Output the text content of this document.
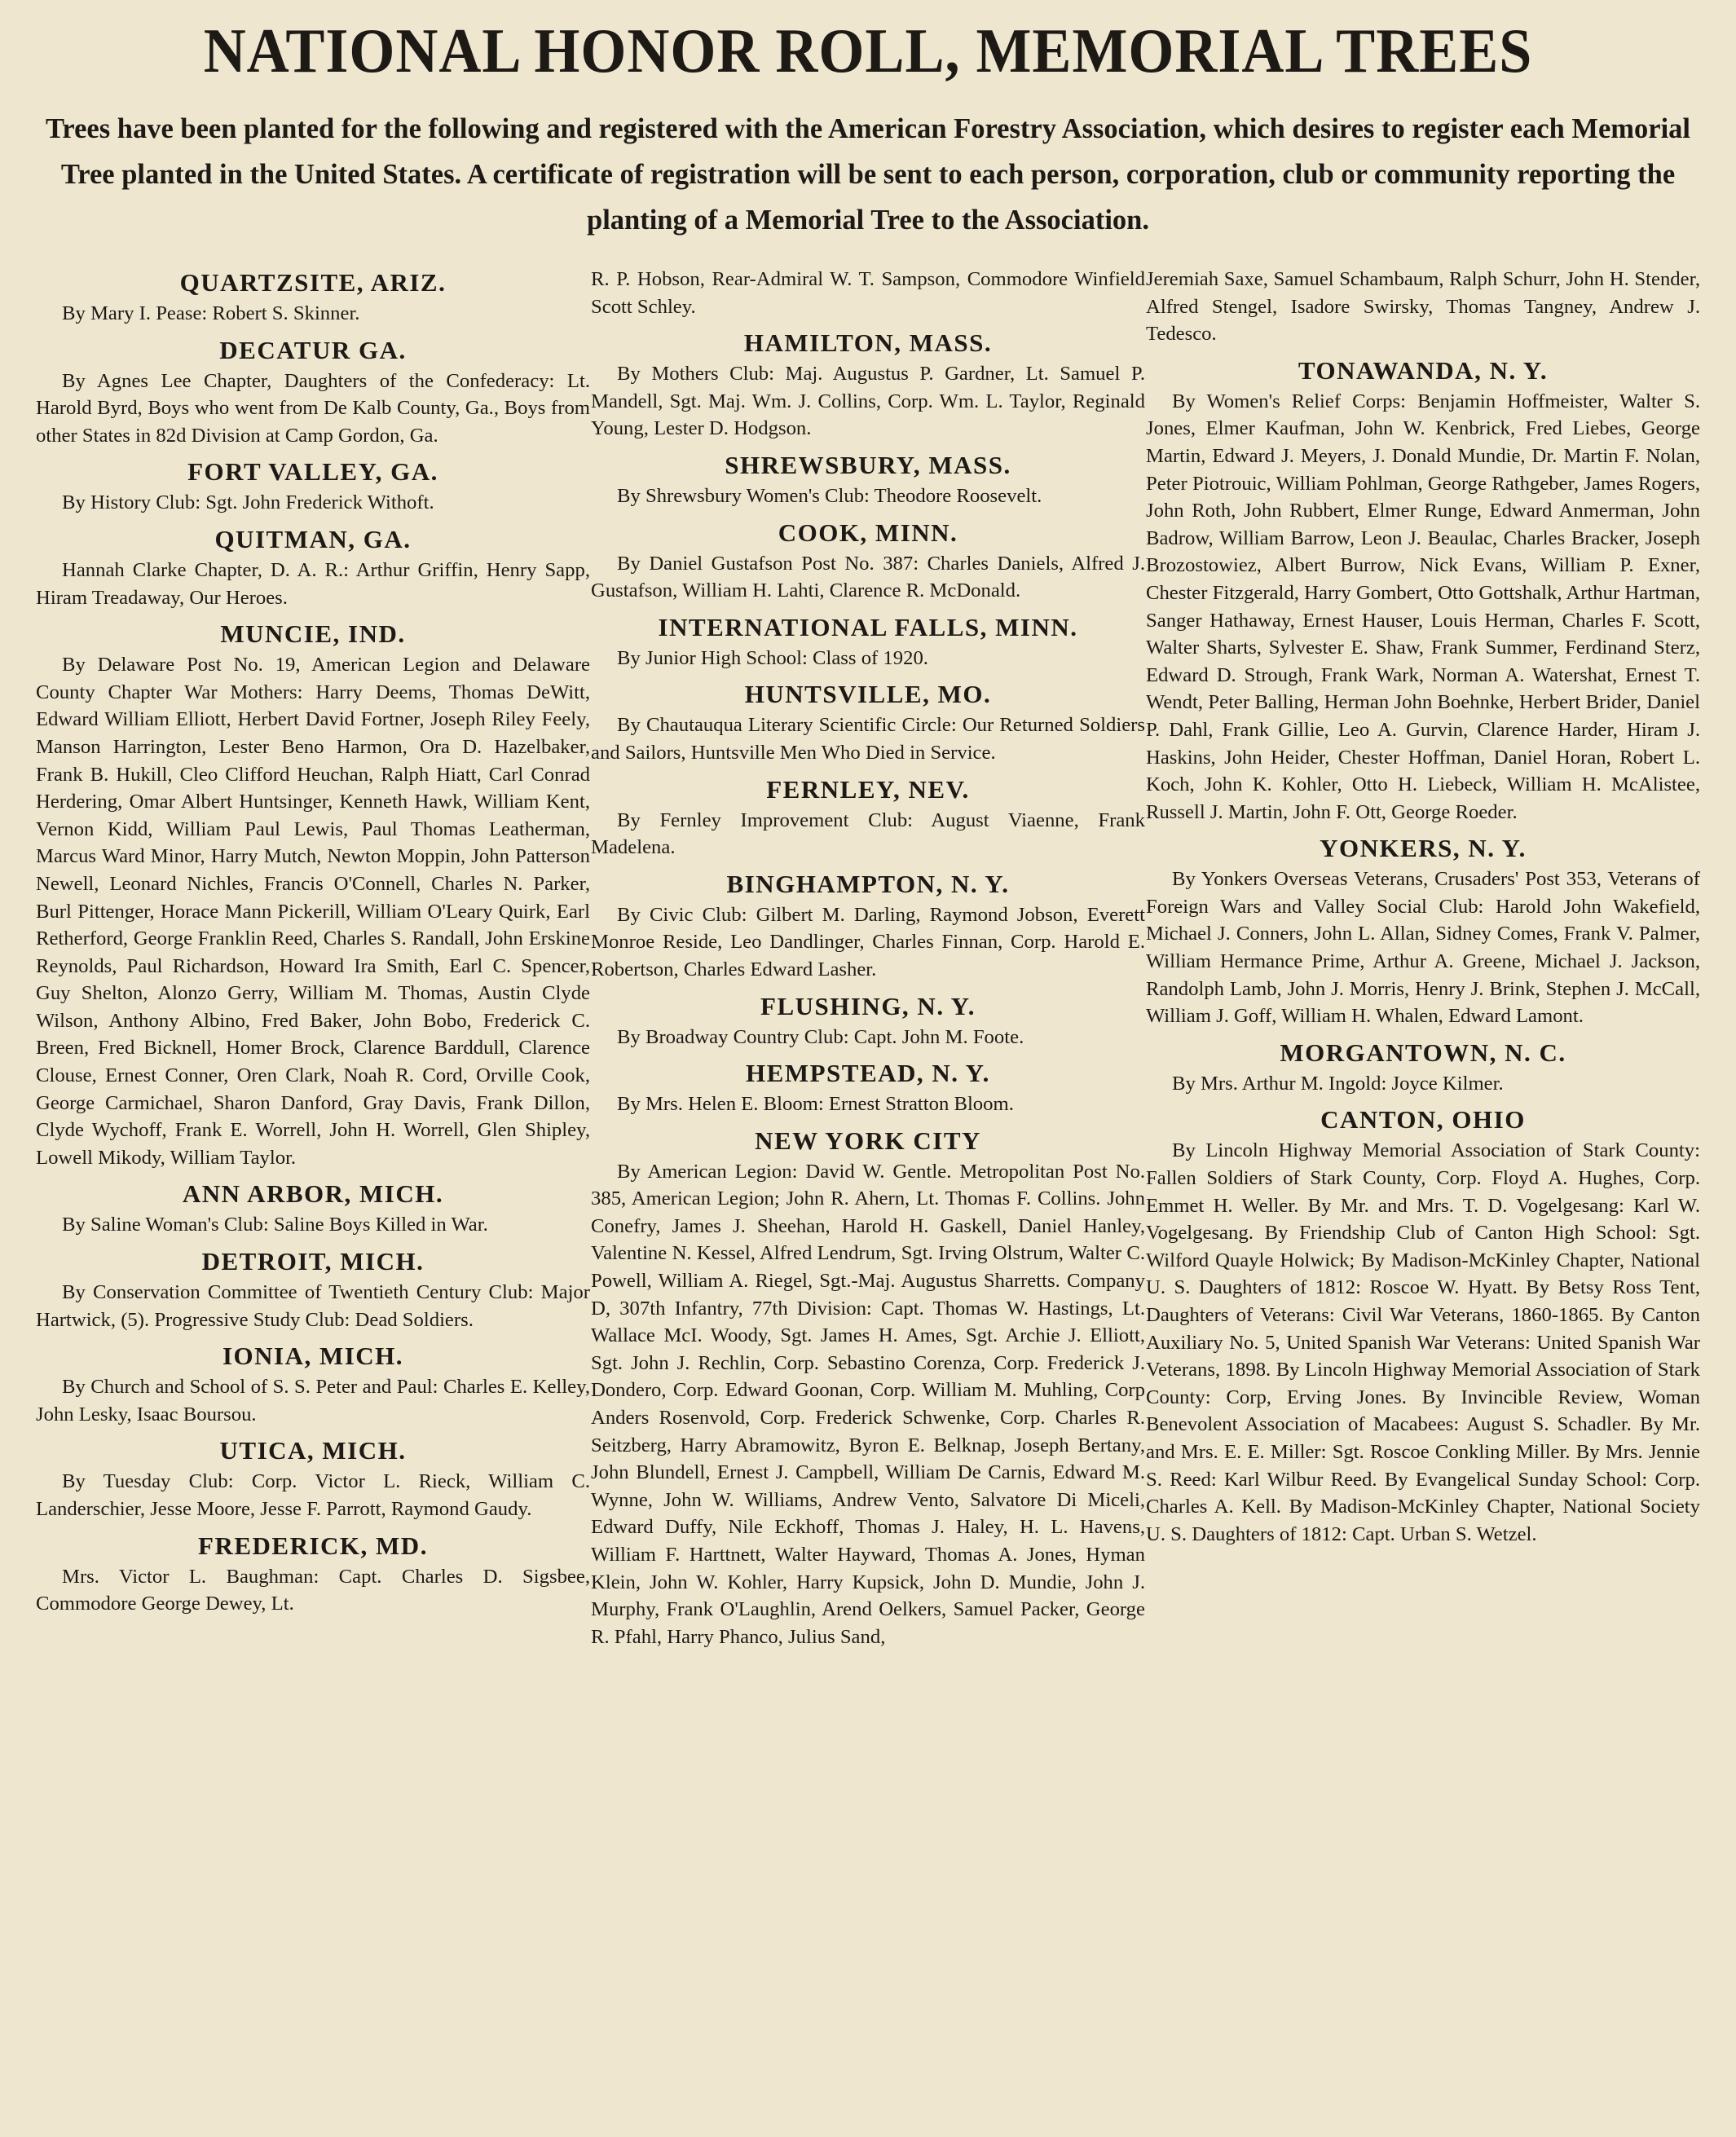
NATIONAL HONOR ROLL, MEMORIAL TREES

Trees have been planted for the following and registered with the American Forestry Association, which desires to register each Memorial Tree planted in the United States. A certificate of registration will be sent to each person, corporation, club or community reporting the planting of a Memorial Tree to the Association.

QUARTZSITE, ARIZ.

By Mary I. Pease: Robert S. Skinner.

DECATUR GA.

By Agnes Lee Chapter, Daughters of the Confederacy: Lt. Harold Byrd, Boys who went from De Kalb County, Ga., Boys from other States in 82d Division at Camp Gordon, Ga.

FORT VALLEY, GA.

By History Club: Sgt. John Frederick Withoft.

QUITMAN, GA.

Hannah Clarke Chapter, D. A. R.: Arthur Griffin, Henry Sapp, Hiram Treadaway, Our Heroes.

MUNCIE, IND.

By Delaware Post No. 19, American Legion and Delaware County Chapter War Mothers: Harry Deems, Thomas DeWitt, Edward William Elliott, Herbert David Fortner, Joseph Riley Feely, Manson Harrington, Lester Beno Harmon, Ora D. Hazelbaker, Frank B. Hukill, Cleo Clifford Heuchan, Ralph Hiatt, Carl Conrad Herdering, Omar Albert Huntsinger, Kenneth Hawk, William Kent, Vernon Kidd, William Paul Lewis, Paul Thomas Leatherman, Marcus Ward Minor, Harry Mutch, Newton Moppin, John Patterson Newell, Leonard Nichles, Francis O'Connell, Charles N. Parker, Burl Pittenger, Horace Mann Pickerill, William O'Leary Quirk, Earl Retherford, George Franklin Reed, Charles S. Randall, John Erskine Reynolds, Paul Richardson, Howard Ira Smith, Earl C. Spencer, Guy Shelton, Alonzo Gerry, William M. Thomas, Austin Clyde Wilson, Anthony Albino, Fred Baker, John Bobo, Frederick C. Breen, Fred Bicknell, Homer Brock, Clarence Barddull, Clarence Clouse, Ernest Conner, Oren Clark, Noah R. Cord, Orville Cook, George Carmichael, Sharon Danford, Gray Davis, Frank Dillon, Clyde Wychoff, Frank E. Worrell, John H. Worrell, Glen Shipley, Lowell Mikody, William Taylor.

ANN ARBOR, MICH.

By Saline Woman's Club: Saline Boys Killed in War.

DETROIT, MICH.

By Conservation Committee of Twentieth Century Club: Major Hartwick, (5). Progressive Study Club: Dead Soldiers.

IONIA, MICH.

By Church and School of S. S. Peter and Paul: Charles E. Kelley, John Lesky, Isaac Boursou.

UTICA, MICH.

By Tuesday Club: Corp. Victor L. Rieck, William C. Landerschier, Jesse Moore, Jesse F. Parrott, Raymond Gaudy.

FREDERICK, MD.

Mrs. Victor L. Baughman: Capt. Charles D. Sigsbee, Commodore George Dewey, Lt.

R. P. Hobson, Rear-Admiral W. T. Sampson, Commodore Winfield Scott Schley.

HAMILTON, MASS.

By Mothers Club: Maj. Augustus P. Gardner, Lt. Samuel P. Mandell, Sgt. Maj. Wm. J. Collins, Corp. Wm. L. Taylor, Reginald Young, Lester D. Hodgson.

SHREWSBURY, MASS.

By Shrewsbury Women's Club: Theodore Roosevelt.

COOK, MINN.

By Daniel Gustafson Post No. 387: Charles Daniels, Alfred J. Gustafson, William H. Lahti, Clarence R. McDonald.

INTERNATIONAL FALLS, MINN.

By Junior High School: Class of 1920.

HUNTSVILLE, MO.

By Chautauqua Literary Scientific Circle: Our Returned Soldiers and Sailors, Huntsville Men Who Died in Service.

FERNLEY, NEV.

By Fernley Improvement Club: August Viaenne, Frank Madelena.

BINGHAMPTON, N. Y.

By Civic Club: Gilbert M. Darling, Raymond Jobson, Everett Monroe Reside, Leo Dandlinger, Charles Finnan, Corp. Harold E. Robertson, Charles Edward Lasher.

FLUSHING, N. Y.

By Broadway Country Club: Capt. John M. Foote.

HEMPSTEAD, N. Y.

By Mrs. Helen E. Bloom: Ernest Stratton Bloom.

NEW YORK CITY

By American Legion: David W. Gentle. Metropolitan Post No. 385, American Legion; John R. Ahern, Lt. Thomas F. Collins. John Conefry, James J. Sheehan, Harold H. Gaskell, Daniel Hanley, Valentine N. Kessel, Alfred Lendrum, Sgt. Irving Olstrum, Walter C. Powell, William A. Riegel, Sgt.-Maj. Augustus Sharretts. Company D, 307th Infantry, 77th Division: Capt. Thomas W. Hastings, Lt. Wallace McI. Woody, Sgt. James H. Ames, Sgt. Archie J. Elliott, Sgt. John J. Rechlin, Corp. Sebastino Corenza, Corp. Frederick J. Dondero, Corp. Edward Goonan, Corp. William M. Muhling, Corp Anders Rosenvold, Corp. Frederick Schwenke, Corp. Charles R. Seitzberg, Harry Abramowitz, Byron E. Belknap, Joseph Bertany, John Blundell, Ernest J. Campbell, William De Carnis, Edward M. Wynne, John W. Williams, Andrew Vento, Salvatore Di Miceli, Edward Duffy, Nile Eckhoff, Thomas J. Haley, H. L. Havens, William F. Harttnett, Walter Hayward, Thomas A. Jones, Hyman Klein, John W. Kohler, Harry Kupsick, John D. Mundie, John J. Murphy, Frank O'Laughlin, Arend Oelkers, Samuel Packer, George R. Pfahl, Harry Phanco, Julius Sand,

Jeremiah Saxe, Samuel Schambaum, Ralph Schurr, John H. Stender, Alfred Stengel, Isadore Swirsky, Thomas Tangney, Andrew J. Tedesco.

TONAWANDA, N. Y.

By Women's Relief Corps: Benjamin Hoffmeister, Walter S. Jones, Elmer Kaufman, John W. Kenbrick, Fred Liebes, George Martin, Edward J. Meyers, J. Donald Mundie, Dr. Martin F. Nolan, Peter Piotrouic, William Pohlman, George Rathgeber, James Rogers, John Roth, John Rubbert, Elmer Runge, Edward Anmerman, John Badrow, William Barrow, Leon J. Beaulac, Charles Bracker, Joseph Brozostowiez, Albert Burrow, Nick Evans, William P. Exner, Chester Fitzgerald, Harry Gombert, Otto Gottshalk, Arthur Hartman, Sanger Hathaway, Ernest Hauser, Louis Herman, Charles F. Scott, Walter Sharts, Sylvester E. Shaw, Frank Summer, Ferdinand Sterz, Edward D. Strough, Frank Wark, Norman A. Watershat, Ernest T. Wendt, Peter Balling, Herman John Boehnke, Herbert Brider, Daniel P. Dahl, Frank Gillie, Leo A. Gurvin, Clarence Harder, Hiram J. Haskins, John Heider, Chester Hoffman, Daniel Horan, Robert L. Koch, John K. Kohler, Otto H. Liebeck, William H. McAlistee, Russell J. Martin, John F. Ott, George Roeder.

YONKERS, N. Y.

By Yonkers Overseas Veterans, Crusaders' Post 353, Veterans of Foreign Wars and Valley Social Club: Harold John Wakefield, Michael J. Conners, John L. Allan, Sidney Comes, Frank V. Palmer, William Hermance Prime, Arthur A. Greene, Michael J. Jackson, Randolph Lamb, John J. Morris, Henry J. Brink, Stephen J. McCall, William J. Goff, William H. Whalen, Edward Lamont.

MORGANTOWN, N. C.

By Mrs. Arthur M. Ingold: Joyce Kilmer.

CANTON, OHIO

By Lincoln Highway Memorial Association of Stark County: Fallen Soldiers of Stark County, Corp. Floyd A. Hughes, Corp. Emmet H. Weller. By Mr. and Mrs. T. D. Vogelgesang: Karl W. Vogelgesang. By Friendship Club of Canton High School: Sgt. Wilford Quayle Holwick; By Madison-McKinley Chapter, National U. S. Daughters of 1812: Roscoe W. Hyatt. By Betsy Ross Tent, Daughters of Veterans: Civil War Veterans, 1860-1865. By Canton Auxiliary No. 5, United Spanish War Veterans: United Spanish War Veterans, 1898. By Lincoln Highway Memorial Association of Stark County: Corp, Erving Jones. By Invincible Review, Woman Benevolent Association of Macabees: August S. Schadler. By Mr. and Mrs. E. E. Miller: Sgt. Roscoe Conkling Miller. By Mrs. Jennie S. Reed: Karl Wilbur Reed. By Evangelical Sunday School: Corp. Charles A. Kell. By Madison-McKinley Chapter, National Society U. S. Daughters of 1812: Capt. Urban S. Wetzel.
